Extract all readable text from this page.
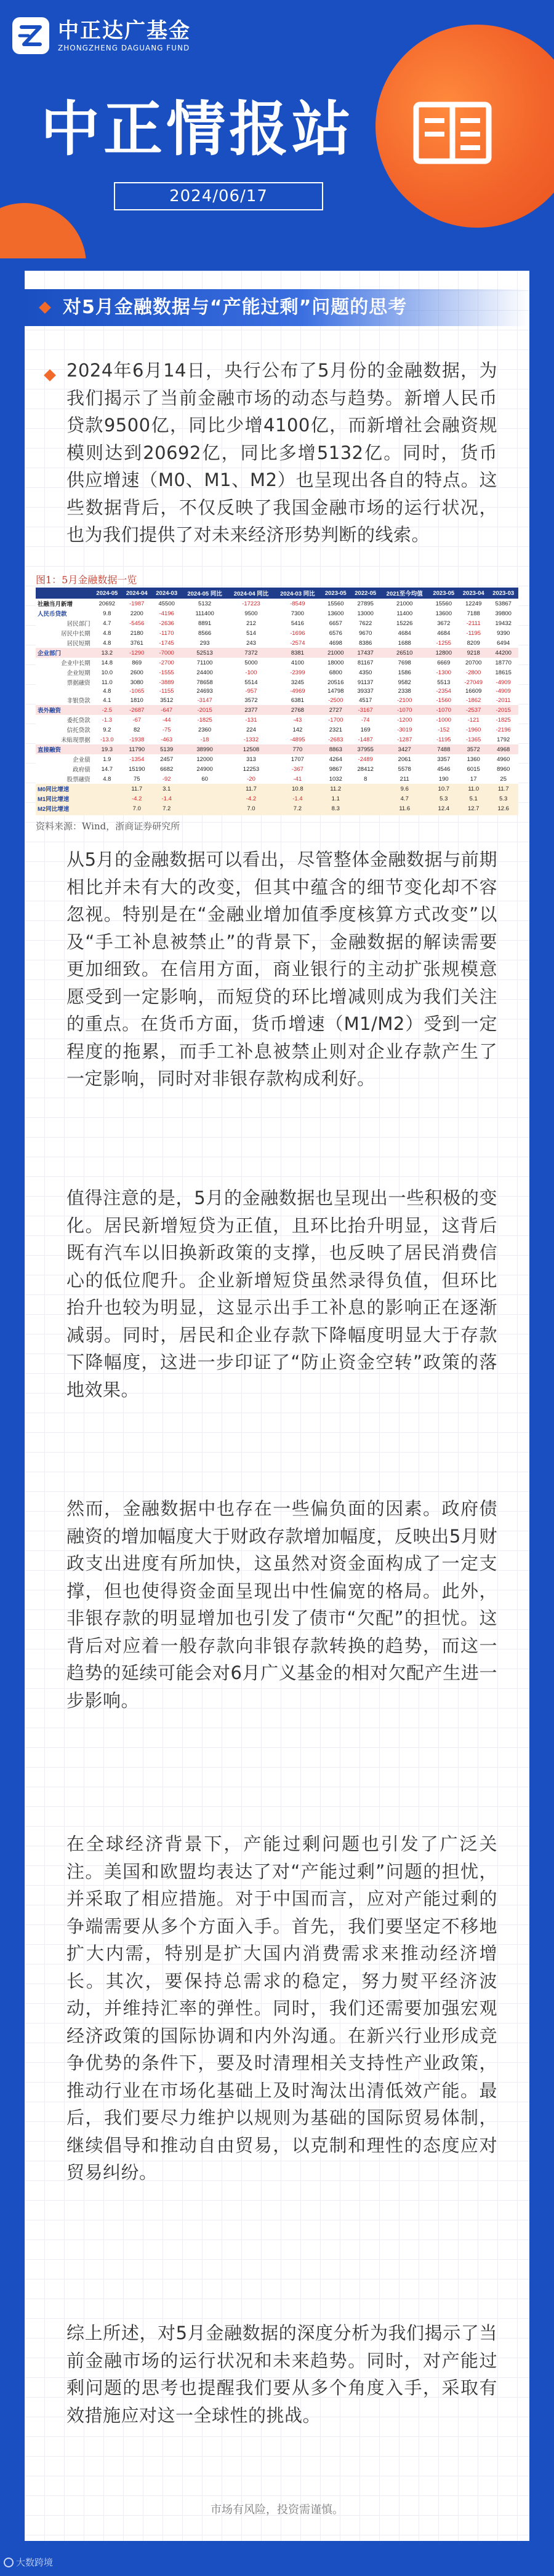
中正达广基金
ZHONGZHENG DAGUANG FUND
中正情报站
2024/06/17
对5月金融数据与“产能过剩”问题的思考

2024年6月14日，央行公布了5月份的金融数据，为我们揭示了当前金融市场的动态与趋势。新增人民币贷款9500亿，同比少增4100亿，而新增社会融资规模则达到20692亿，同比多增5132亿。同时，货币供应增速（M0、M1、M2）也呈现出各自的特点。这些数据背后，不仅反映了我国金融市场的运行状况，也为我们提供了对未来经济形势判断的线索。

图1：5月金融数据一览
	2024-05	2024-04	2024-03	2024-05 同比	2024-04 同比	2024-03 同比	2023-05	2022-05	2021至今均值	2023-05	2023-04	2023-03
社融当月新增	20692	-1987	45500	5132	-17223	-8549	15560	27895	21000	15560	12249	53867
人民币贷款	9.8	2200	-4196	111400	9500	7300	13600	13000	11400	13600	7188	39800
居民部门	4.7	-5456	-2636	8891	212	5416	6657	7622	15226	3672	-2111	19432
居民中长期	4.8	2180	-1170	8566	514	-1696	6576	9670	4684	4684	-1195	9390
居民短期	4.8	3761	-1745	293	243	-2574	4698	8386	1688	-1255	8209	6494
企业部门	13.2	-1290	-7000	52513	7372	8381	21000	17437	26510	12800	9218	44200
企业中长期	14.8	869	-2700	71100	5000	4100	18000	81167	7698	6669	20700	18770
企业短期	10.0	2600	-1555	24400	-100	-2399	6800	4350	1586	-1300	-2800	18615
票据融资	11.0	3080	-3889	78658	5514	3245	20516	91137	9582	5513	-27049	-4909
	4.8	-1065	-1155	24693	-957	-4969	14798	39337	2338	-2354	16609	-4909
非银贷款	4.1	1810	3512	-3147	3572	6381	-2500	4517	-2100	-1560	-1862	-2011
表外融资	-2.5	-2687	-647	-2015	2377	2768	2727	-3167	-1070	-1070	-2537	-2015
委托贷款	-1.3	-67	-44	-1825	-131	-43	-1700	-74	-1200	-1000	-121	-1825
信托贷款	9.2	82	-75	2360	224	142	2321	169	-3019	-152	-1960	-2196
未贴现票据	-13.0	-1938	-463	-18	-1332	-4895	-2683	-1487	-1287	-1195	-1365	1792
直接融资	19.3	11790	5139	38990	12508	770	8863	37955	3427	7488	3572	4968
企业债	1.9	-1354	2457	12000	313	1707	4264	-2489	2061	3357	1360	4960
政府债	14.7	15190	6682	24900	12253	-367	9867	28412	5578	4546	6015	8960
股票融资	4.8	75	-92	60	-20	-41	1032	8	211	190	17	25
M0同比增速		11.7	3.1		11.7	10.8	11.2		9.6	10.7	11.0	11.7
M1同比增速		-4.2	-1.4		-4.2	-1.4	1.1		4.7	5.3	5.1	5.3
M2同比增速		7.0	7.2		7.0	7.2	8.3		11.6	12.4	12.7	12.6

资料来源：Wind，浙商证券研究所

从5月的金融数据可以看出，尽管整体金融数据与前期相比并未有大的改变，但其中蕴含的细节变化却不容忽视。特别是在“金融业增加值季度核算方式改变”以及“手工补息被禁止”的背景下，金融数据的解读需要更加细致。在信用方面，商业银行的主动扩张规模意愿受到一定影响，而短贷的环比增减则成为我们关注的重点。在货币方面，货币增速（M1/M2）受到一定程度的拖累，而手工补息被禁止则对企业存款产生了一定影响，同时对非银存款构成利好。

值得注意的是，5月的金融数据也呈现出一些积极的变化。居民新增短贷为正值，且环比抬升明显，这背后既有汽车以旧换新政策的支撑，也反映了居民消费信心的低位爬升。企业新增短贷虽然录得负值，但环比抬升也较为明显，这显示出手工补息的影响正在逐渐减弱。同时，居民和企业存款下降幅度明显大于存款下降幅度，这进一步印证了“防止资金空转”政策的落地效果。

然而，金融数据中也存在一些偏负面的因素。政府债融资的增加幅度大于财政存款增加幅度，反映出5月财政支出进度有所加快，这虽然对资金面构成了一定支撑，但也使得资金面呈现出中性偏宽的格局。此外，非银存款的明显增加也引发了债市“欠配”的担忧。这背后对应着一般存款向非银存款转换的趋势，而这一趋势的延续可能会对6月广义基金的相对欠配产生进一步影响。

在全球经济背景下，产能过剩问题也引发了广泛关注。美国和欧盟均表达了对“产能过剩”问题的担忧，并采取了相应措施。对于中国而言，应对产能过剩的争端需要从多个方面入手。首先，我们要坚定不移地扩大内需，特别是扩大国内消费需求来推动经济增长。其次，要保持总需求的稳定，努力熨平经济波动，并维持汇率的弹性。同时，我们还需要加强宏观经济政策的国际协调和内外沟通。在新兴行业形成竞争优势的条件下，要及时清理相关支持性产业政策，推动行业在市场化基础上及时淘汰出清低效产能。最后，我们要尽力维护以规则为基础的国际贸易体制，继续倡导和推动自由贸易，以克制和理性的态度应对贸易纠纷。

综上所述，对5月金融数据的深度分析为我们揭示了当前金融市场的运行状况和未来趋势。同时，对产能过剩问题的思考也提醒我们要从多个角度入手，采取有效措施应对这一全球性的挑战。

市场有风险，投资需谨慎。
大数跨境
